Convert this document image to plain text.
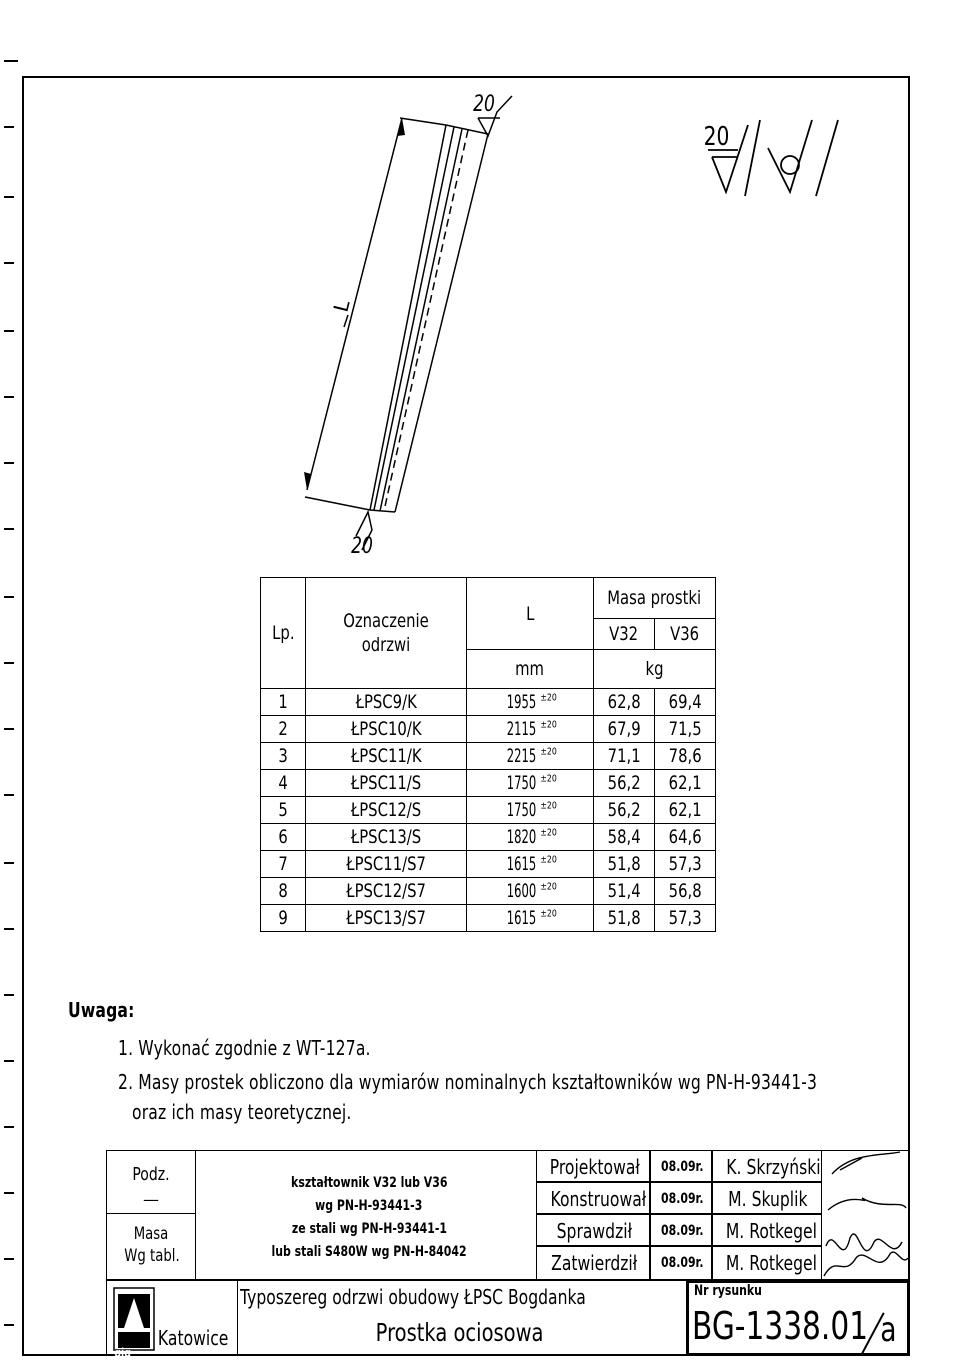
20
L
20
20
Lp.	Oznaczenie odrzwi	L	Masa prostki	
			V32	V36
		mm	kg	
1	ŁPSC9/K	1955 $^{\pm 20}$	62,8	69,4
2	ŁPSC10/K	2115 $^{\pm 20}$	67,9	71,5
3	ŁPSC11/K	2215 $^{\pm 20}$	71,1	78,6
4	ŁPSC11/S	1750 $^{\pm 20}$	56,2	62,1
5	ŁPSC12/S	1750 $^{\pm 20}$	56,2	62,1
6	ŁPSC13/S	1820 $^{\pm 20}$	58,4	64,6
7	ŁPSC11/S7	1615 $^{\pm 20}$	51,8	57,3
8	ŁPSC12/S7	1600 $^{\pm 20}$	51,4	56,8
9	ŁPSC13/S7	1615 $^{\pm 20}$	51,8	57,3
Uwaga:
1. Wykonać zgodnie z WT-127a.
2. Masy prostek obliczono dla wymiarów nominalnych kształtowników wg PN-H-93441-3
oraz ich masy teoretycznej.
Podz.
—
Masa
Wg tabl.
kształtownik V32 lub V36
wg PN-H-93441-3
ze stali wg PN-H-93441-1
lub stali S480W wg PN-H-84042
Projektował	08.09r.	K. Skrzyński
Konstruował	08.09r.	M. Skuplik
Sprawdził	08.09r.	M. Rotkegel
Zatwierdził	08.09r.	M. Rotkegel
gig
Katowice
Typoszereg odrzwi obudowy ŁPSC Bogdanka
Prostka ociosowa
Nr rysunku
BG-1338.01 a
